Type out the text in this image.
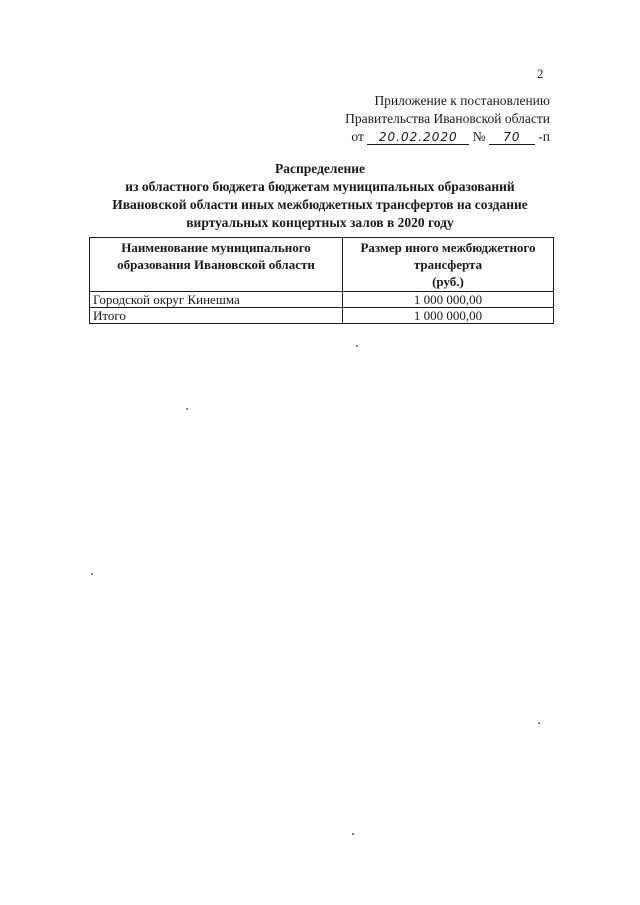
2
Приложение к постановлению
Правительства Ивановской области
от 20.02.2020 № 70 -п
Распределение
из областного бюджета бюджетам муниципальных образований
Ивановской области иных межбюджетных трансфертов на создание
виртуальных концертных залов в 2020 году
Наименование муниципального образования Ивановской области	Размер иного межбюджетного трансферта
(руб.)
Городской округ Кинешма	1 000 000,00
Итого	1 000 000,00
